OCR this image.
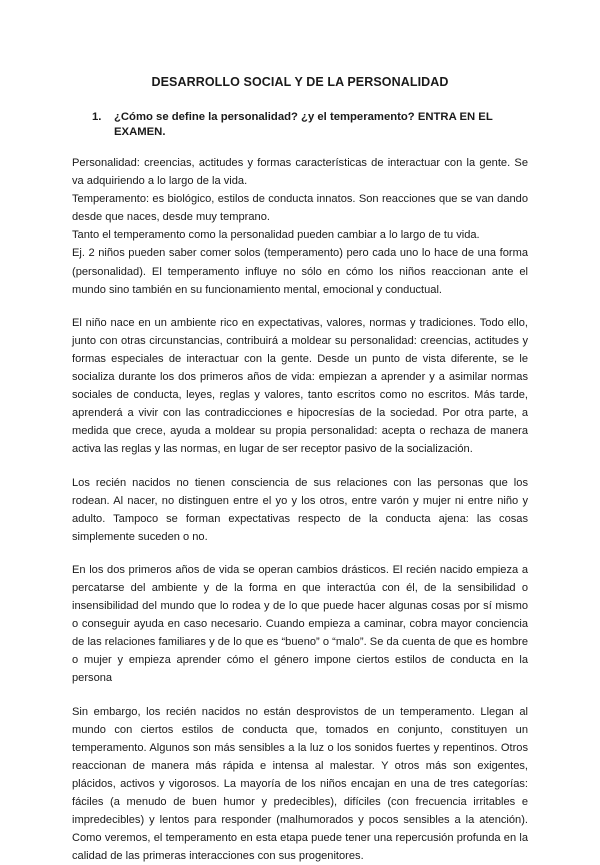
DESARROLLO SOCIAL Y DE LA PERSONALIDAD
1.	¿Cómo se define la personalidad? ¿y el temperamento? ENTRA EN EL EXAMEN.
Personalidad: creencias, actitudes y formas características de interactuar con la gente. Se va adquiriendo a lo largo de la vida.
Temperamento: es biológico, estilos de conducta innatos. Son reacciones que se van dando desde que naces, desde muy temprano.
Tanto el temperamento como la personalidad pueden cambiar a lo largo de tu vida.
Ej. 2 niños pueden saber comer solos (temperamento) pero cada uno lo hace de una forma (personalidad). El temperamento influye no sólo en cómo los niños reaccionan ante el mundo sino también en su funcionamiento mental, emocional y conductual.
El niño nace en un ambiente rico en expectativas, valores, normas y tradiciones. Todo ello, junto con otras circunstancias, contribuirá a moldear su personalidad: creencias, actitudes y formas especiales de interactuar con la gente. Desde un punto de vista diferente, se le socializa durante los dos primeros años de vida: empiezan a aprender y a asimilar normas sociales de conducta, leyes, reglas y valores, tanto escritos como no escritos. Más tarde, aprenderá a vivir con las contradicciones e hipocresías de la sociedad. Por otra parte, a medida que crece, ayuda a moldear su propia personalidad: acepta o rechaza de manera activa las reglas y las normas, en lugar de ser receptor pasivo de la socialización.
Los recién nacidos no tienen consciencia de sus relaciones con las personas que los rodean. Al nacer, no distinguen entre el yo y los otros, entre varón y mujer ni entre niño y adulto. Tampoco se forman expectativas respecto de la conducta ajena: las cosas simplemente suceden o no.
En los dos primeros años de vida se operan cambios drásticos. El recién nacido empieza a percatarse del ambiente y de la forma en que interactúa con él, de la sensibilidad o insensibilidad del mundo que lo rodea y de lo que puede hacer algunas cosas por sí mismo o conseguir ayuda en caso necesario. Cuando empieza a caminar, cobra mayor conciencia de las relaciones familiares y de lo que es “bueno” o “malo”. Se da cuenta de que es hombre o mujer y empieza aprender cómo el género impone ciertos estilos de conducta en la persona
Sin embargo, los recién nacidos no están desprovistos de un temperamento. Llegan al mundo con ciertos estilos de conducta que, tomados en conjunto, constituyen un temperamento. Algunos son más sensibles a la luz o los sonidos fuertes y repentinos. Otros reaccionan de manera más rápida e intensa al malestar. Y otros más son exigentes, plácidos, activos y vigorosos. La mayoría de los niños encajan en una de tres categorías: fáciles (a menudo de buen humor y predecibles), difíciles (con frecuencia irritables e impredecibles) y lentos para responder (malhumorados y pocos sensibles a la atención). Como veremos, el temperamento en esta etapa puede tener una repercusión profunda en la calidad de las primeras interacciones con sus progenitores.
